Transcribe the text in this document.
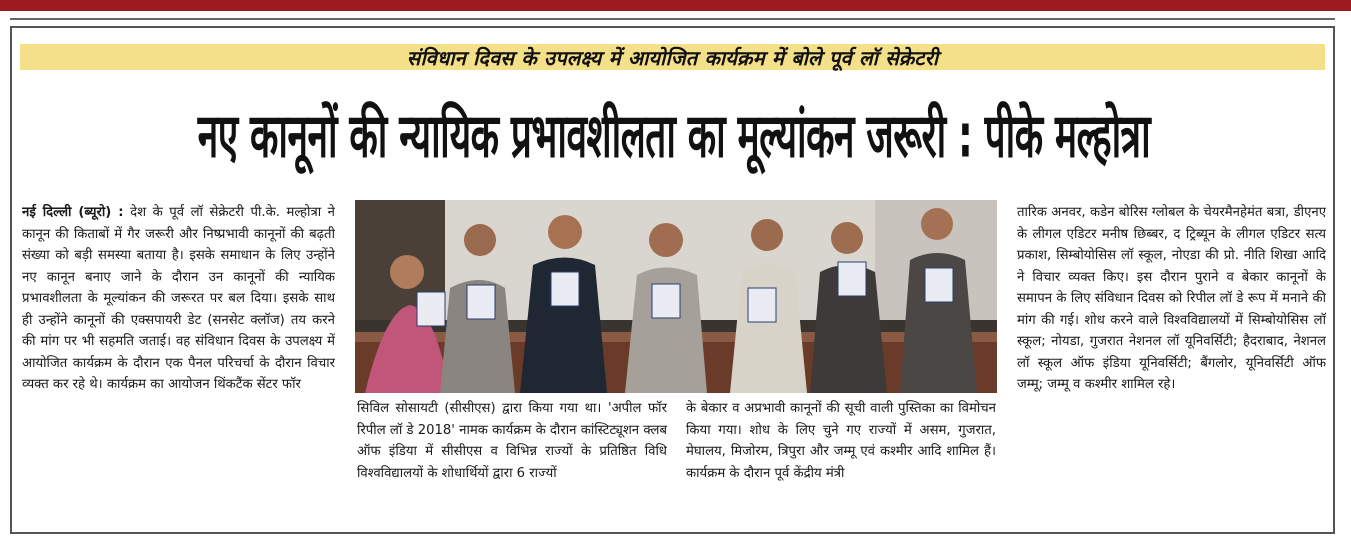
संविधान दिवस के उपलक्ष्य में आयोजित कार्यक्रम में बोले पूर्व लॉ सेक्रेटरी
नए कानूनों की न्यायिक प्रभावशीलता का मूल्यांकन जरूरी : पीके मल्होत्रा
नई दिल्ली (ब्यूरो) : देश के पूर्व लॉ सेक्रेटरी पी.के. मल्होत्रा ने कानून की किताबों में गैर जरूरी और निष्प्रभावी कानूनों की बढ़ती संख्या को बड़ी समस्या बताया है। इसके समाधान के लिए उन्होंने नए कानून बनाए जाने के दौरान उन कानूनों की न्यायिक प्रभावशीलता के मूल्यांकन की जरूरत पर बल दिया। इसके साथ ही उन्होंने कानूनों की एक्सपायरी डेट (सनसेट क्लॉज) तय करने की मांग पर भी सहमति जताई। वह संविधान दिवस के उपलक्ष्य में आयोजित कार्यक्रम के दौरान एक पैनल परिचर्चा के दौरान विचार व्यक्त कर रहे थे। कार्यक्रम का आयोजन थिंकटैंक सेंटर फॉर
सिविल सोसायटी (सीसीएस) द्वारा किया गया था। 'अपील फॉर रिपील लॉ डे 2018' नामक कार्यक्रम के दौरान कांस्टिट्यूशन क्लब ऑफ इंडिया में सीसीएस व विभिन्न राज्यों के प्रतिष्ठित विधि विश्वविद्यालयों के शोधार्थियों द्वारा 6 राज्यों
के बेकार व अप्रभावी कानूनों की सूची वाली पुस्तिका का विमोचन किया गया। शोध के लिए चुने गए राज्यों में असम, गुजरात, मेघालय, मिजोरम, त्रिपुरा और जम्मू एवं कश्मीर आदि शामिल हैं। कार्यक्रम के दौरान पूर्व केंद्रीय मंत्री
तारिक अनवर, कडेन बोरिस ग्लोबल के चेयरमैनहेमंत बत्रा, डीएनए के लीगल एडिटर मनीष छिब्बर, द ट्रिब्यून के लीगल एडिटर सत्य प्रकाश, सिम्बोयोसिस लॉ स्कूल, नोएडा की प्रो. नीति शिखा आदि ने विचार व्यक्त किए। इस दौरान पुराने व बेकार कानूनों के समापन के लिए संविधान दिवस को रिपील लॉ डे रूप में मनाने की मांग की गई। शोध करने वाले विश्वविद्यालयों में सिम्बोयोसिस लॉ स्कूल; नोयडा, गुजरात नेशनल लॉ यूनिवर्सिटी; हैदराबाद, नेशनल लॉ स्कूल ऑफ इंडिया यूनिवर्सिटी; बैंगलोर, यूनिवर्सिटी ऑफ जम्मू; जम्मू व कश्मीर शामिल रहे।
